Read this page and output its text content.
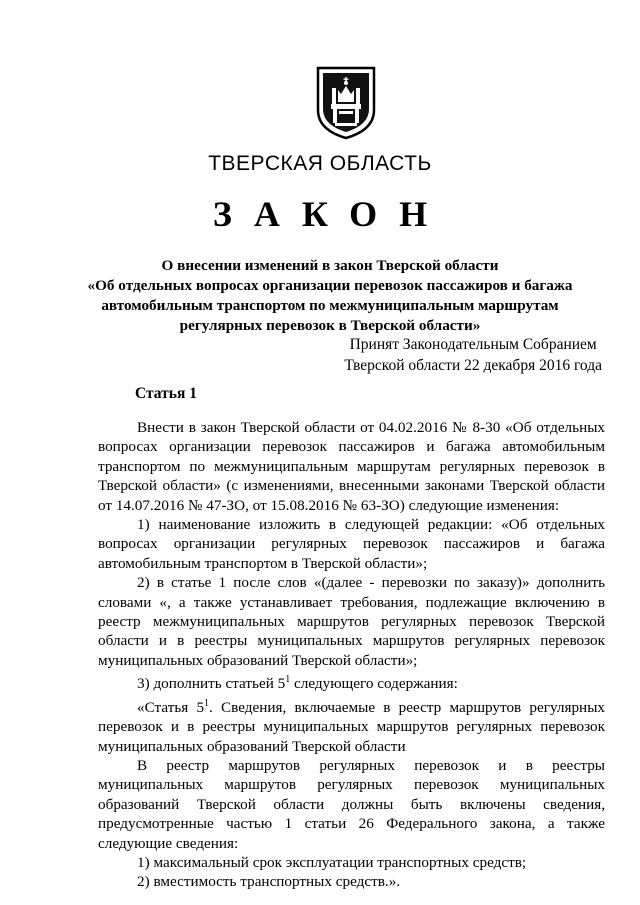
ТВЕРСКАЯ ОБЛАСТЬ
ЗАКОН
О внесении изменений в закон Тверской области
«Об отдельных вопросах организации перевозок пассажиров и багажа
автомобильным транспортом по межмуниципальным маршрутам
регулярных перевозок в Тверской области»
Принят Законодательным Собранием
Тверской области 22 декабря 2016 года
Статья 1

Внести в закон Тверской области от 04.02.2016 № 8-30 «Об отдельных вопросах организации перевозок пассажиров и багажа автомобильным транспортом по межмуниципальным маршрутам регулярных перевозок в Тверской области» (с изменениями, внесенными законами Тверской области от 14.07.2016 № 47-ЗО, от 15.08.2016 № 63-ЗО) следующие изменения:

1) наименование изложить в следующей редакции: «Об отдельных вопросах организации регулярных перевозок пассажиров и багажа автомобильным транспортом в Тверской области»;

2) в статье 1 после слов «(далее - перевозки по заказу)» дополнить словами «, а также устанавливает требования, подлежащие включению в реестр межмуниципальных маршрутов регулярных перевозок Тверской области и в реестры муниципальных маршрутов регулярных перевозок муниципальных образований Тверской области»;

3) дополнить статьей $5^1$ следующего содержания:

«Статья $5^1$. Сведения, включаемые в реестр маршрутов регулярных перевозок и в реестры муниципальных маршрутов регулярных перевозок муниципальных образований Тверской области

В реестр маршрутов регулярных перевозок и в реестры муниципальных маршрутов регулярных перевозок муниципальных образований Тверской области должны быть включены сведения, предусмотренные частью 1 статьи 26 Федерального закона, а также следующие сведения:

1) максимальный срок эксплуатации транспортных средств;

2) вместимость транспортных средств.».
